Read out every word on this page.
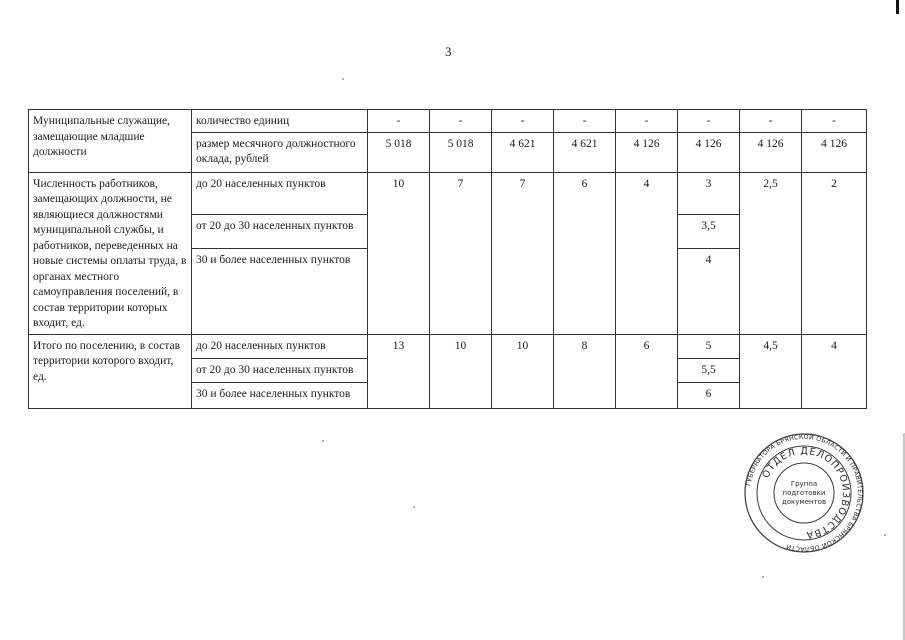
3
Муниципальные служащие, замещающие младшие должности	количество единиц	-	-	-	-	-	-	-	-
	размер месячного должностного оклада, рублей	5 018	5 018	4 621	4 621	4 126	4 126	4 126	4 126
Численность работников, замещающих должности, не являющиеся должностями муниципальной службы, и работников, переведенных на новые системы оплаты труда, в органах местного самоуправления поселений, в состав территории которых входит, ед.	до 20 населенных пунктов	10	7	7	6	4	3	2,5	2
	от 20 до 30 населенных пунктов						3,5		
	30 и более населенных пунктов						4		
Итого по поселению, в состав территории которого входит, ед.	до 20 населенных пунктов	13	10	10	8	6	5	4,5	4
	от 20 до 30 населенных пунктов						5,5		
	30 и более населенных пунктов						6		
ГУБЕРНАТОРА БРЯНСКОЙ ОБЛАСТИ И ПРАВИТЕЛЬСТВА БРЯНСКОЙ ОБЛАСТИ
ОТДЕЛ ДЕЛОПРОИЗВОДСТВА
Группа
подготовки
документов
